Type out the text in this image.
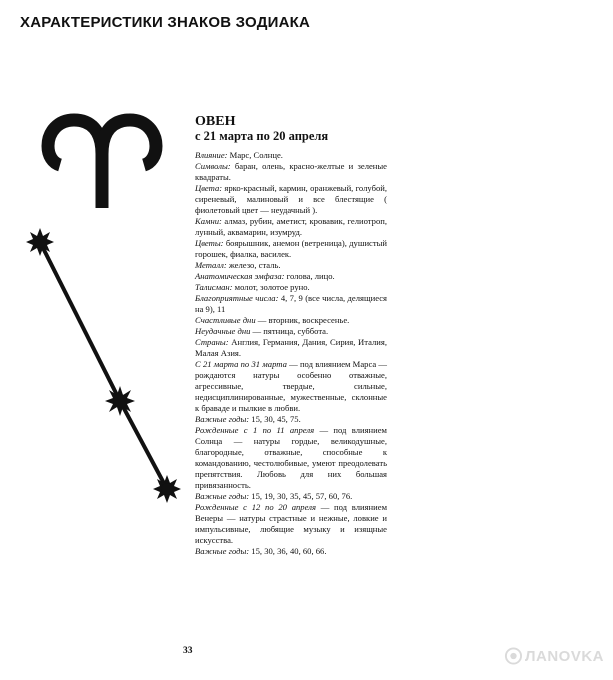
ХАРАКТЕРИСТИКИ ЗНАКОВ ЗОДИАКА
ОВЕН
с 21 марта по 20 апреля

Влияние: Марс, Солнце.

Символы: баран, олень, красно-желтые и зеленые квадраты.

Цвета: ярко-красный, кармин, оранжевый, голубой, сиреневый, малиновый и все блестящие ( фиолетовый цвет — неудачный ).

Камни: алмаз, рубин, аметист, кровавик, гелиотроп, лунный, аквамарин, изумруд.

Цветы: боярышник, анемон (ветреница), душистый горошек, фиалка, василек.

Металл: железо, сталь.

Анатомическая эмфаза: голова, лицо.

Талисман: молот, золотое руно.

Благоприятные числа: 4, 7, 9 (все числа, делящиеся на 9), 11

Счастливые дни — вторник, воскресенье.

Неудачные дни — пятница, суббота.

Страны: Англия, Германия, Дания, Сирия, Италия, Малая Азия.

С 21 марта по 31 марта — под влиянием Марса — рождаются натуры особенно отважные, агрессивные, твердые, сильные, недисциплинированные, мужественные, склонные к браваде и пылкие в любви.

Важные годы: 15, 30, 45, 75.

Рожденные с 1 по 11 апреля — под влиянием Солнца — натуры гордые, великодушные, благородные, отважные, способные к командованию, честолюбивые, умеют преодолевать препятствия. Любовь для них большая привязанность.

Важные годы: 15, 19, 30, 35, 45, 57, 60, 76.

Рожденные с 12 по 20 апреля — под влиянием Венеры — натуры страстные и нежные, ловкие и импульсивные, любящие музыку и изящные искусства.

Важные годы: 15, 30, 36, 40, 60, 66.

33	ЛANOVKA
